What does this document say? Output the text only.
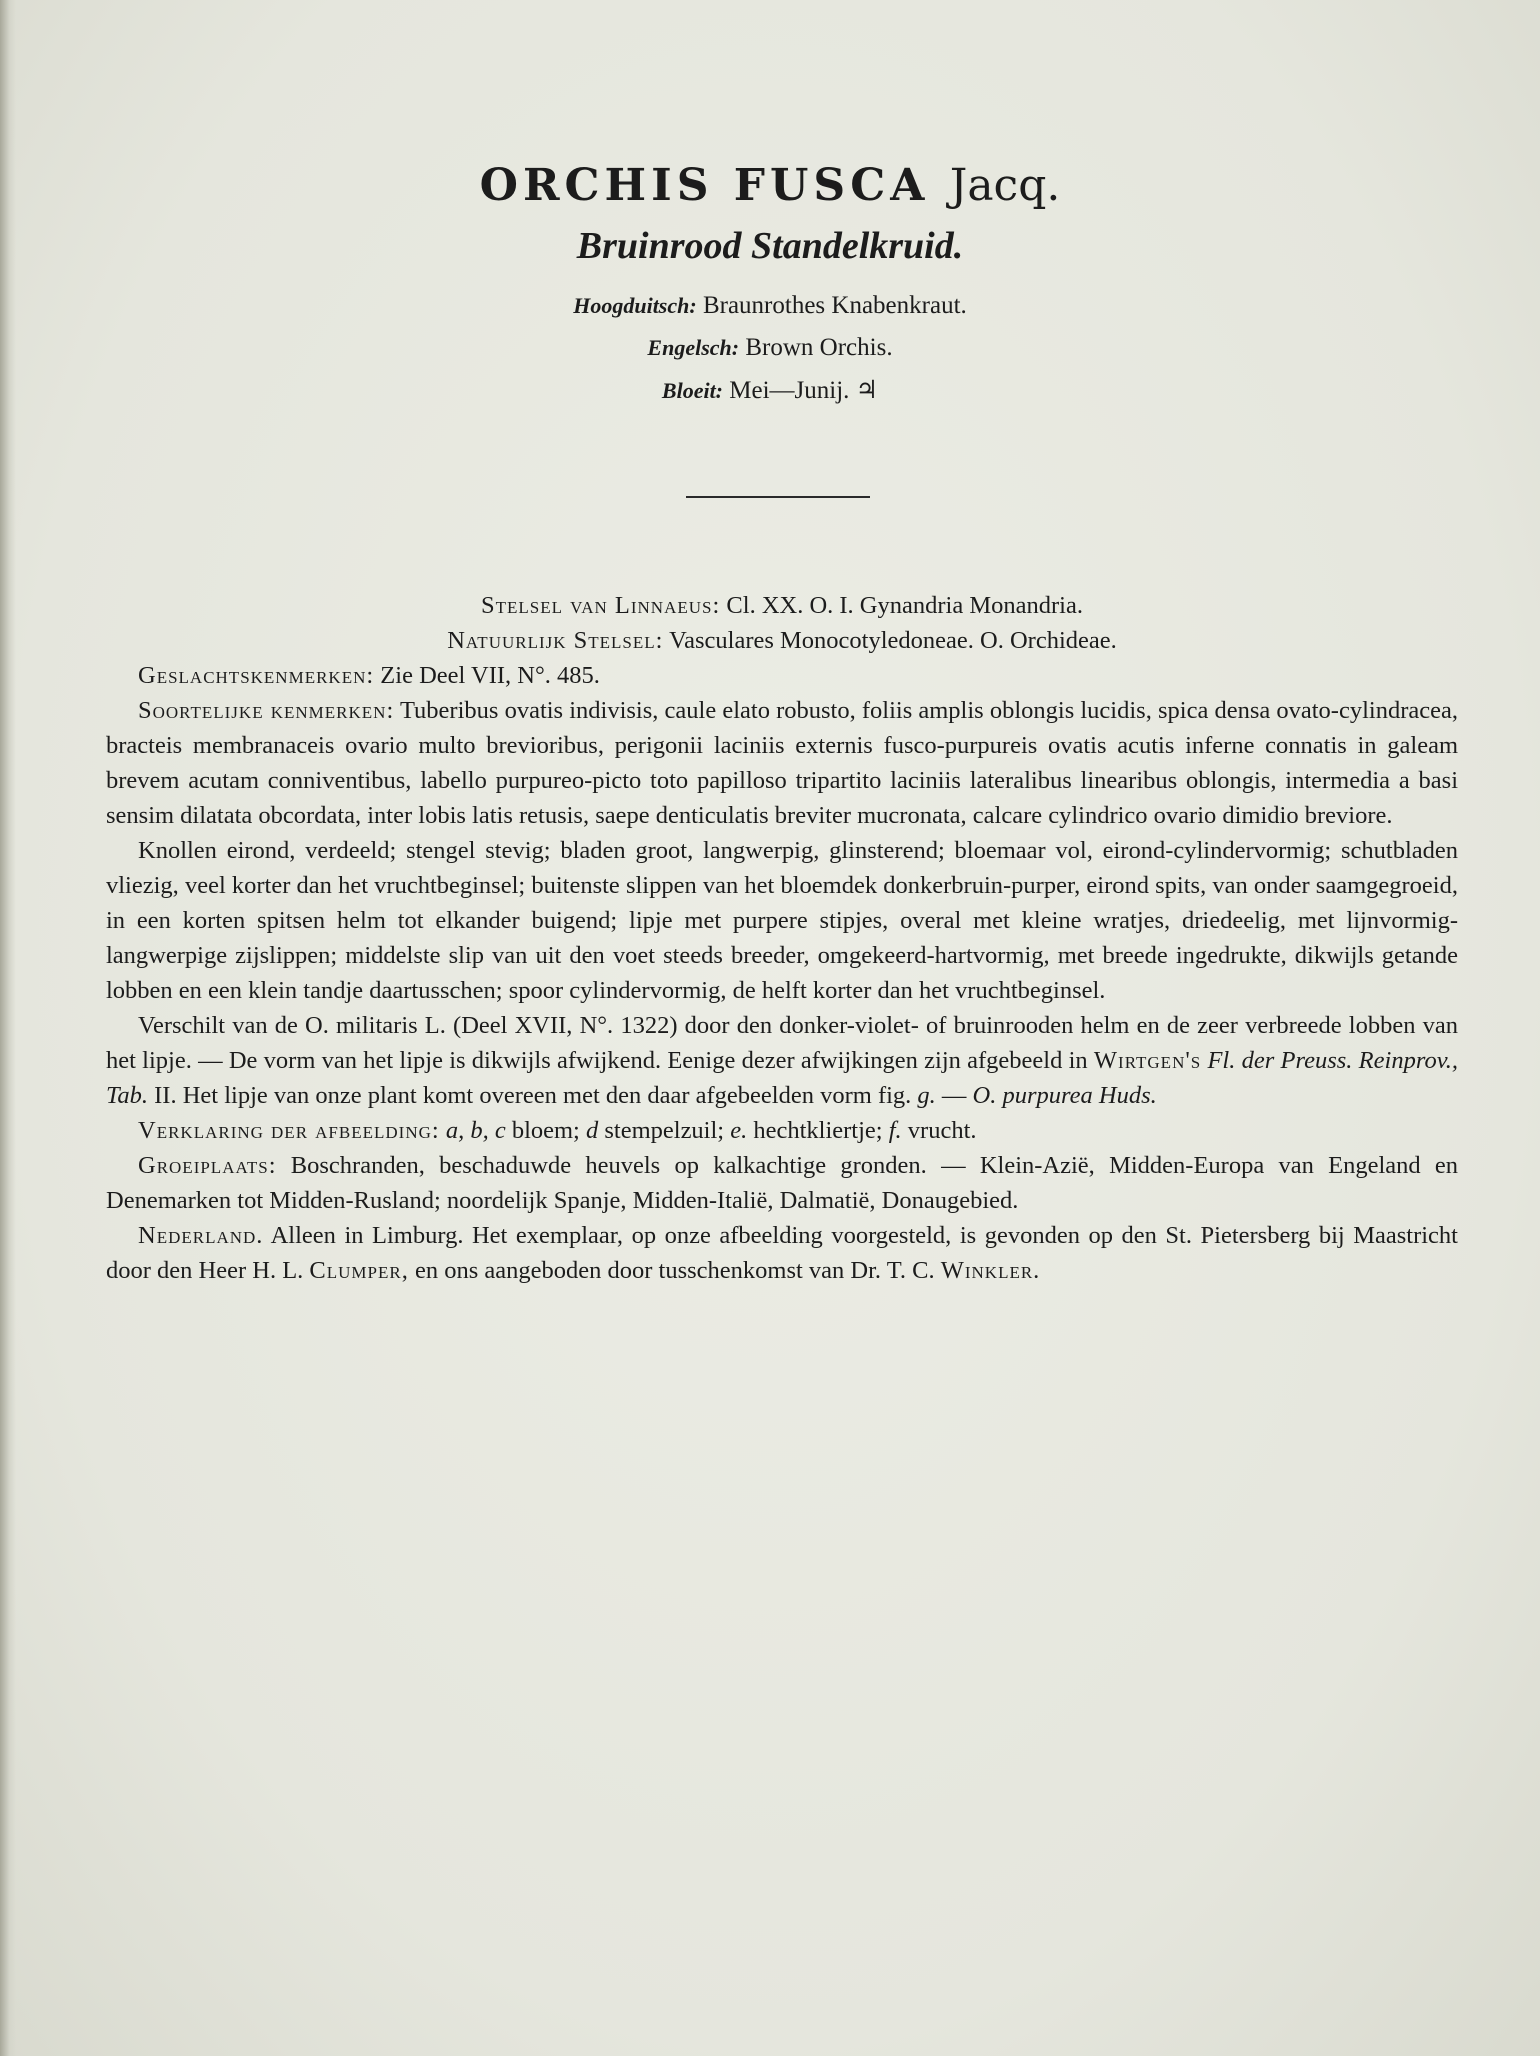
ORCHIS FUSCA Jacq.
Bruinrood Standelkruid.
Hoogduitsch: Braunrothes Knabenkraut.
Engelsch: Brown Orchis.
Bloeit: Mei—Junij. ♃

Stelsel van Linnaeus: Cl. XX. O. I. Gynandria Monandria.

Natuurlijk Stelsel: Vasculares Monocotyledoneae. O. Orchideae.

Geslachtskenmerken: Zie Deel VII, N°. 485.

Soortelijke kenmerken: Tuberibus ovatis indivisis, caule elato robusto, foliis amplis oblongis lucidis, spica densa ovato-cylindracea, bracteis membranaceis ovario multo brevioribus, perigonii laciniis externis fusco-purpureis ovatis acutis inferne connatis in galeam brevem acutam conniventibus, labello purpureo-picto toto papilloso tripartito laciniis lateralibus linearibus oblongis, intermedia a basi sensim dilatata obcordata, inter lobis latis retusis, saepe denticulatis breviter mucronata, calcare cylindrico ovario dimidio breviore.

Knollen eirond, verdeeld; stengel stevig; bladen groot, langwerpig, glinsterend; bloemaar vol, eirond-cylindervormig; schutbladen vliezig, veel korter dan het vruchtbeginsel; buitenste slippen van het bloemdek donkerbruin-purper, eirond spits, van onder saamgegroeid, in een korten spitsen helm tot elkander buigend; lipje met purpere stipjes, overal met kleine wratjes, driedeelig, met lijnvormig-langwerpige zijslippen; middelste slip van uit den voet steeds breeder, omgekeerd-hartvormig, met breede ingedrukte, dikwijls getande lobben en een klein tandje daartusschen; spoor cylindervormig, de helft korter dan het vruchtbeginsel.

Verschilt van de O. militaris L. (Deel XVII, N°. 1322) door den donker-violet- of bruinrooden helm en de zeer verbreede lobben van het lipje. — De vorm van het lipje is dikwijls afwijkend. Eenige dezer afwijkingen zijn afgebeeld in Wirtgen's Fl. der Preuss. Reinprov., Tab. II. Het lipje van onze plant komt overeen met den daar afgebeelden vorm fig. g. — O. purpurea Huds.

Verklaring der afbeelding: a, b, c bloem; d stempelzuil; e. hechtkliertje; f. vrucht.

Groeiplaats: Boschranden, beschaduwde heuvels op kalkachtige gronden. — Klein-Azië, Midden-Europa van Engeland en Denemarken tot Midden-Rusland; noordelijk Spanje, Midden-Italië, Dalmatië, Donaugebied.

Nederland. Alleen in Limburg. Het exemplaar, op onze afbeelding voorgesteld, is gevonden op den St. Pietersberg bij Maastricht door den Heer H. L. Clumper, en ons aangeboden door tusschenkomst van Dr. T. C. Winkler.
